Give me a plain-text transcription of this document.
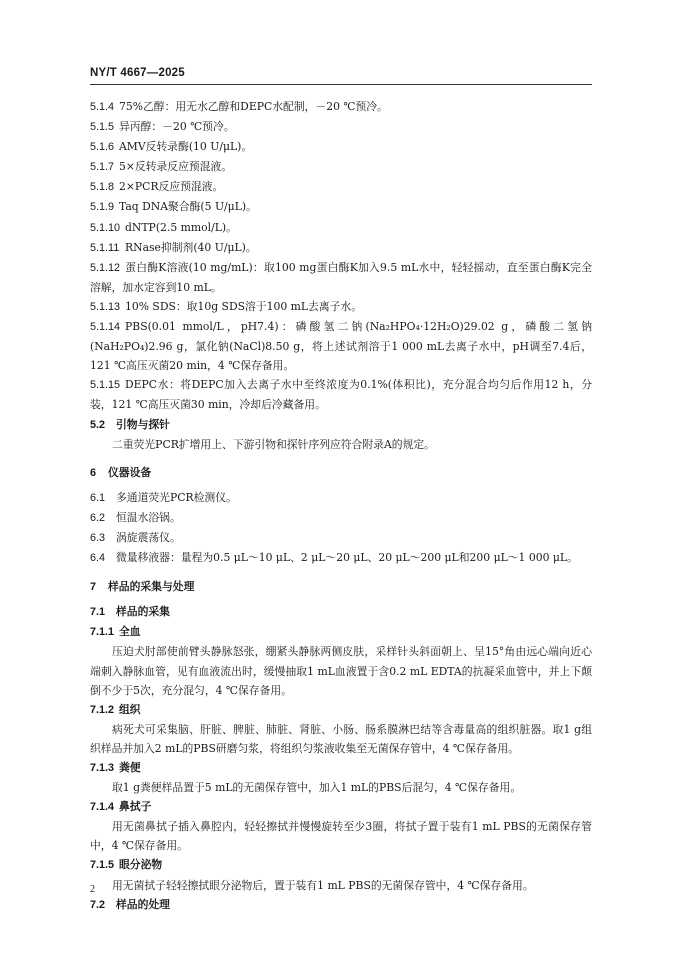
NY/T 4667—2025

5.1.4 75%乙醇：用无水乙醇和DEPC水配制，－20 ℃预冷。

5.1.5 异丙醇：－20 ℃预冷。

5.1.6 AMV反转录酶(10 U/μL)。

5.1.7 5×反转录反应预混液。

5.1.8 2×PCR反应预混液。

5.1.9 Taq DNA聚合酶(5 U/μL)。

5.1.10 dNTP(2.5 mmol/L)。

5.1.11 RNase抑制剂(40 U/μL)。

5.1.12 蛋白酶K溶液(10 mg/mL)：取100 mg蛋白酶K加入9.5 mL水中，轻轻摇动，直至蛋白酶K完全溶解，加水定容到10 mL。

5.1.13 10% SDS：取10g SDS溶于100 mL去离子水。

5.1.14 PBS(0.01 mmol/L，pH7.4)：磷酸氢二钠(Na₂HPO₄·12H₂O)29.02 g，磷酸二氢钠(NaH₂PO₄)2.96 g，氯化钠(NaCl)8.50 g，将上述试剂溶于1 000 mL去离子水中，pH调至7.4后，121 ℃高压灭菌20 min，4 ℃保存备用。

5.1.15 DEPC水：将DEPC加入去离子水中至终浓度为0.1%(体积比)，充分混合均匀后作用12 h，分装，121 ℃高压灭菌30 min，冷却后冷藏备用。

5.2 引物与探针

二重荧光PCR扩增用上、下游引物和探针序列应符合附录A的规定。

6 仪器设备

6.1 多通道荧光PCR检测仪。

6.2 恒温水浴锅。

6.3 涡旋震荡仪。

6.4 微量移液器：量程为0.5 μL～10 μL、2 μL～20 μL、20 μL～200 μL和200 μL～1 000 μL。

7 样品的采集与处理

7.1 样品的采集

7.1.1 全血

压迫犬肘部使前臂头静脉怒张，绷紧头静脉两侧皮肤，采样针头斜面朝上、呈15°角由远心端向近心端刺入静脉血管，见有血液流出时，缓慢抽取1 mL血液置于含0.2 mL EDTA的抗凝采血管中，并上下颠倒不少于5次，充分混匀，4 ℃保存备用。

7.1.2 组织

病死犬可采集脑、肝脏、脾脏、肺脏、肾脏、小肠、肠系膜淋巴结等含毒量高的组织脏器。取1 g组织样品并加入2 mL的PBS研磨匀浆，将组织匀浆液收集至无菌保存管中，4 ℃保存备用。

7.1.3 粪便

取1 g粪便样品置于5 mL的无菌保存管中，加入1 mL的PBS后混匀，4 ℃保存备用。

7.1.4 鼻拭子

用无菌鼻拭子插入鼻腔内，轻轻擦拭并慢慢旋转至少3圈，将拭子置于装有1 mL PBS的无菌保存管中，4 ℃保存备用。

7.1.5 眼分泌物

用无菌拭子轻轻擦拭眼分泌物后，置于装有1 mL PBS的无菌保存管中，4 ℃保存备用。

7.2 样品的处理

2
